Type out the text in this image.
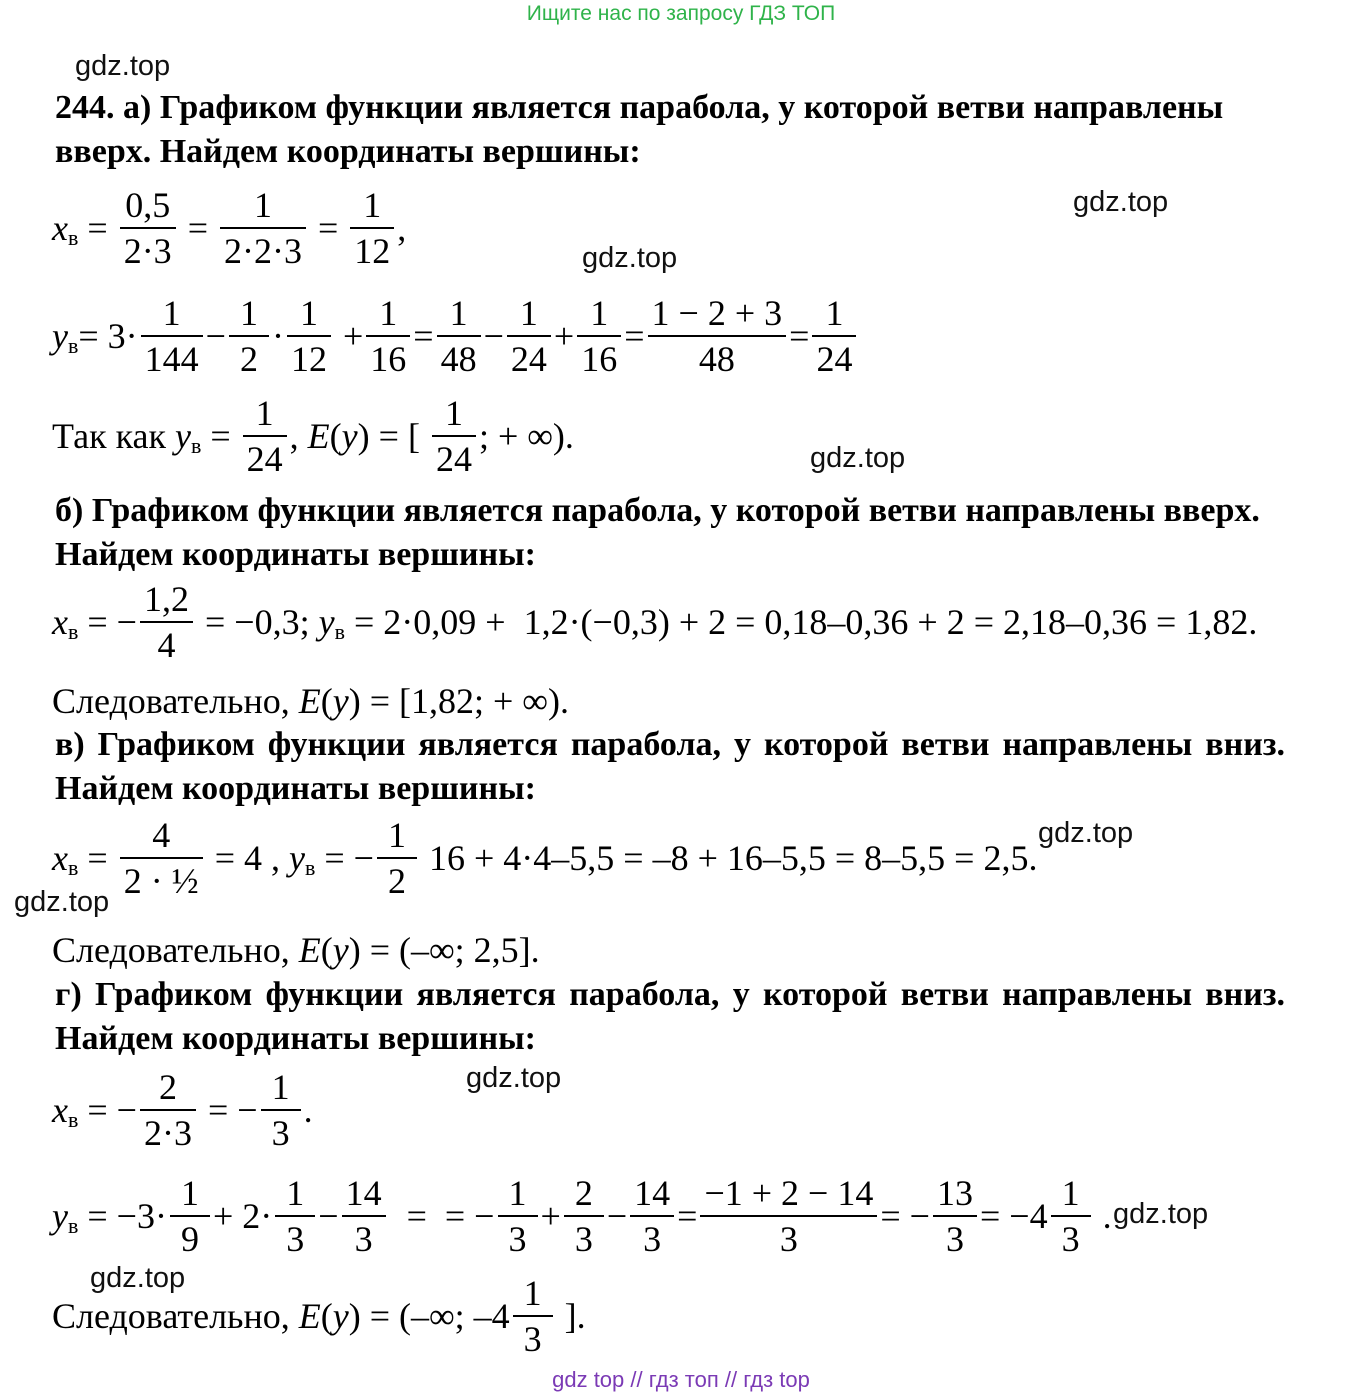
Ищите нас по запросу ГДЗ ТОП
gdz.top
gdz.top
gdz.top
gdz.top
gdz.top
gdz.top
gdz.top
gdz.top
gdz.top
244. а) Графиком функции является парабола, у которой ветви направлены
вверх. Найдем координаты вершины:
x $в = \frac{0,5}{2\cdot 3} = \frac{1}{2\cdot 2\cdot 3} = \frac{1}{12}$ ,
y $в = 3\cdot \frac{1}{144} - \frac{1}{2} \cdot \frac{1}{12} + \frac{1}{16} = \frac{1}{48} - \frac{1}{24} + \frac{1}{16} = \frac{1 - 2 + 3}{48} = \frac{1}{24}$
Так как y $в = \frac{1}{24}$ , E ( y ) = [ $\frac{1}{24}$ ; + ∞).
б) Графиком функции является парабола, у которой ветви направлены вверх.
Найдем координаты вершины:
x в = − $\frac{1,2}{4} = -0,3$; y в = 2·0,09 +  1,2·(−0,3) + 2 = 0,18–0,36 + 2 = 2,18–0,36 = 1,82.
Следовательно, E ( y ) = [1,82; + ∞).
в) Графиком функции является парабола, у которой ветви направлены вниз.
Найдем координаты вершины:
x $в = \frac{4}{\text{2 · ½}} = 4$ , y в = − $\frac{1}{2} 16 + 4\cdot 4-5,5 = -8 + 16-5,5 = 8-5,5 = 2,5$.
Следовательно, E ( y ) = (–∞; 2,5].
г) Графиком функции является парабола, у которой ветви направлены вниз.
Найдем координаты вершины:
x в = − $\frac{2}{2\cdot 3}$ = − $\frac{1}{3}$ .
y $в = -3\cdot \frac{1}{9} + 2\cdot \frac{1}{3} - \frac{14}{3}$ =  = − $\frac{1}{3} + \frac{2}{3} - \frac{14}{3} = \frac{-1 + 2 - 14}{3}$ = − $\frac{13}{3} = -4 \frac{1}{3}$ .
Следовательно, E ( y ) = (–∞; $-4 \frac{1}{3}$ ].
gdz top // гдз топ // гдз top
